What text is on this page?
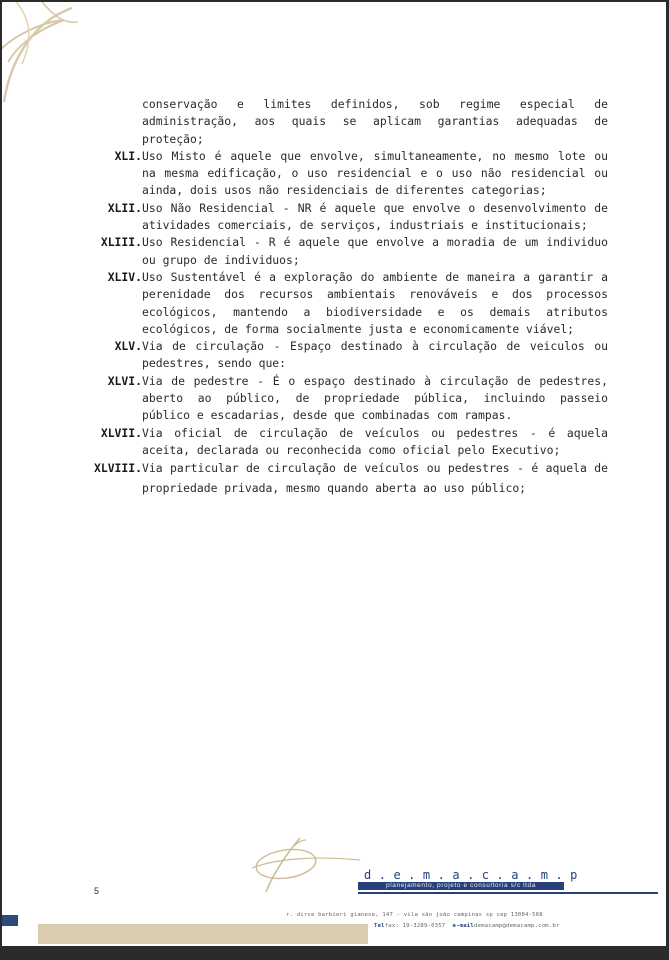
conservação e limites definidos, sob regime especial de administração, aos quais se aplicam garantias adequadas de proteção;
XLI. Uso Misto é aquele que envolve, simultaneamente, no mesmo lote ou na mesma edificação, o uso residencial e o uso não residencial ou ainda, dois usos não residenciais de diferentes categorias;
XLII. Uso Não Residencial - NR é aquele que envolve o desenvolvimento de atividades comerciais, de serviços, industriais e institucionais;
XLIII. Uso Residencial - R é aquele que envolve a moradia de um individuo ou grupo de individuos;
XLIV. Uso Sustentável é a exploração do ambiente de maneira a garantir a perenidade dos recursos ambientais renováveis e dos processos ecológicos, mantendo a biodiversidade e os demais atributos ecológicos, de forma socialmente justa e economicamente viável;
XLV. Via de circulação - Espaço destinado à circulação de veiculos ou pedestres, sendo que:
XLVI. Via de pedestre - É o espaço destinado à circulação de pedestres, aberto ao público, de propriedade pública, incluindo passeio público e escadarias, desde que combinadas com rampas.
XLVII. Via oficial de circulação de veículos ou pedestres - é aquela aceita, declarada ou reconhecida como oficial pelo Executivo;
XLVIII. Via particular de circulação de veículos ou pedestres - é aquela de propriedade privada, mesmo quando aberta ao uso público;
5
d.e.m.a.c.a.m.p
planejamento, projeto e consultoria s/c ltda
r. dirce barbieri gianese, 147 - vila são joão campinas sp cep 13084-568
Telfax: 19-3289-0357 e-maildemacamp@demacamp.com.br
